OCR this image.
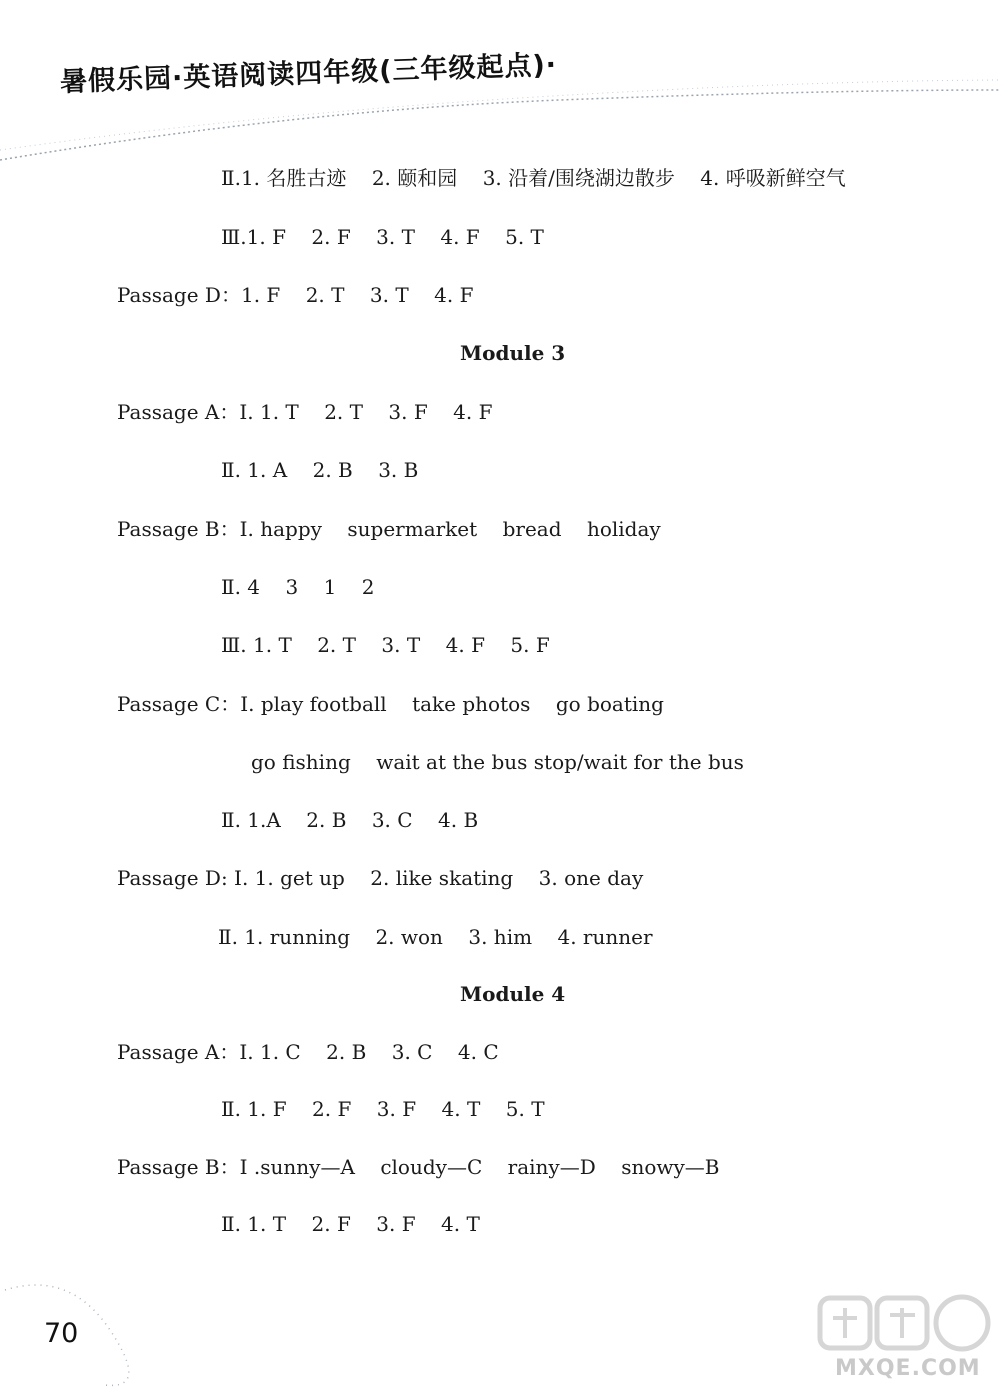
暑假乐园·英语阅读四年级(三年级起点)·
Ⅱ.1. 名胜古迹    2. 颐和园    3. 沿着/围绕湖边散步    4. 呼吸新鲜空气
Ⅲ.1. F    2. F    3. T    4. F    5. T
Passage D：1. F    2. T    3. T    4. F
Module 3
Passage A：Ⅰ. 1. T    2. T    3. F    4. F
Ⅱ. 1. A    2. B    3. B
Passage B：Ⅰ. happy    supermarket    bread    holiday
Ⅱ. 4    3    1    2
Ⅲ. 1. T    2. T    3. T    4. F    5. F
Passage C：Ⅰ. play football    take photos    go boating
go fishing    wait at the bus stop/wait for the bus
Ⅱ. 1.A    2. B    3. C    4. B
Passage D: Ⅰ. 1. get up    2. like skating    3. one day
Ⅱ. 1. running    2. won    3. him    4. runner
Module 4
Passage A：Ⅰ. 1. C    2. B    3. C    4. C
Ⅱ. 1. F    2. F    3. F    4. T    5. T
Passage B：Ⅰ .sunny—A    cloudy—C    rainy—D    snowy—B
Ⅱ. 1. T    2. F    3. F    4. T
70
MXQE.COM
